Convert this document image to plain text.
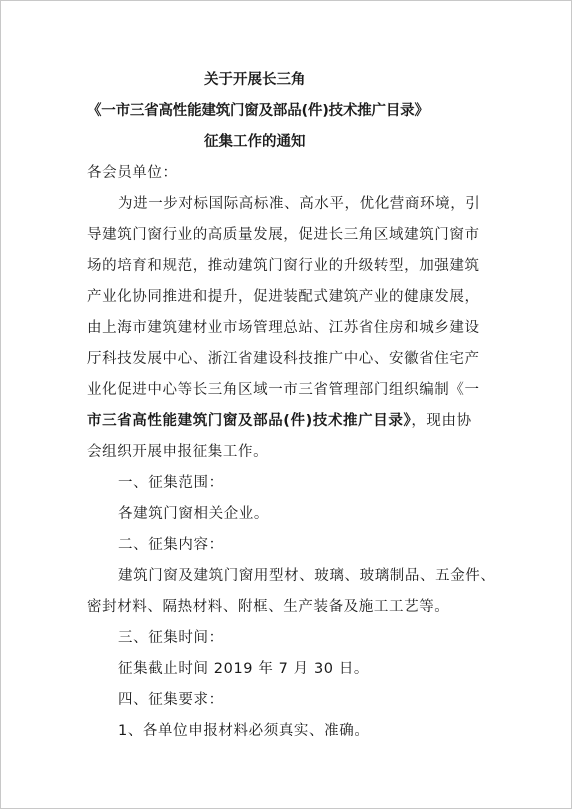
关于开展长三角
《一市三省高性能建筑门窗及部品(件)技术推广目录》
征集工作的通知
各会员单位：
为进一步对标国际高标准、高水平，优化营商环境，引
导建筑门窗行业的高质量发展，促进长三角区域建筑门窗市
场的培育和规范，推动建筑门窗行业的升级转型，加强建筑
产业化协同推进和提升，促进装配式建筑产业的健康发展，
由上海市建筑建材业市场管理总站、江苏省住房和城乡建设
厅科技发展中心、浙江省建设科技推广中心、安徽省住宅产
业化促进中心等长三角区域一市三省管理部门组织编制《一
市三省高性能建筑门窗及部品(件)技术推广目录》，现由协
会组织开展申报征集工作。
一、征集范围：
各建筑门窗相关企业。
二、征集内容：
建筑门窗及建筑门窗用型材、玻璃、玻璃制品、五金件、
密封材料、隔热材料、附框、生产装备及施工工艺等。
三、征集时间：
征集截止时间 2019 年 7 月 30 日。
四、征集要求：
1、各单位申报材料必须真实、准确。
